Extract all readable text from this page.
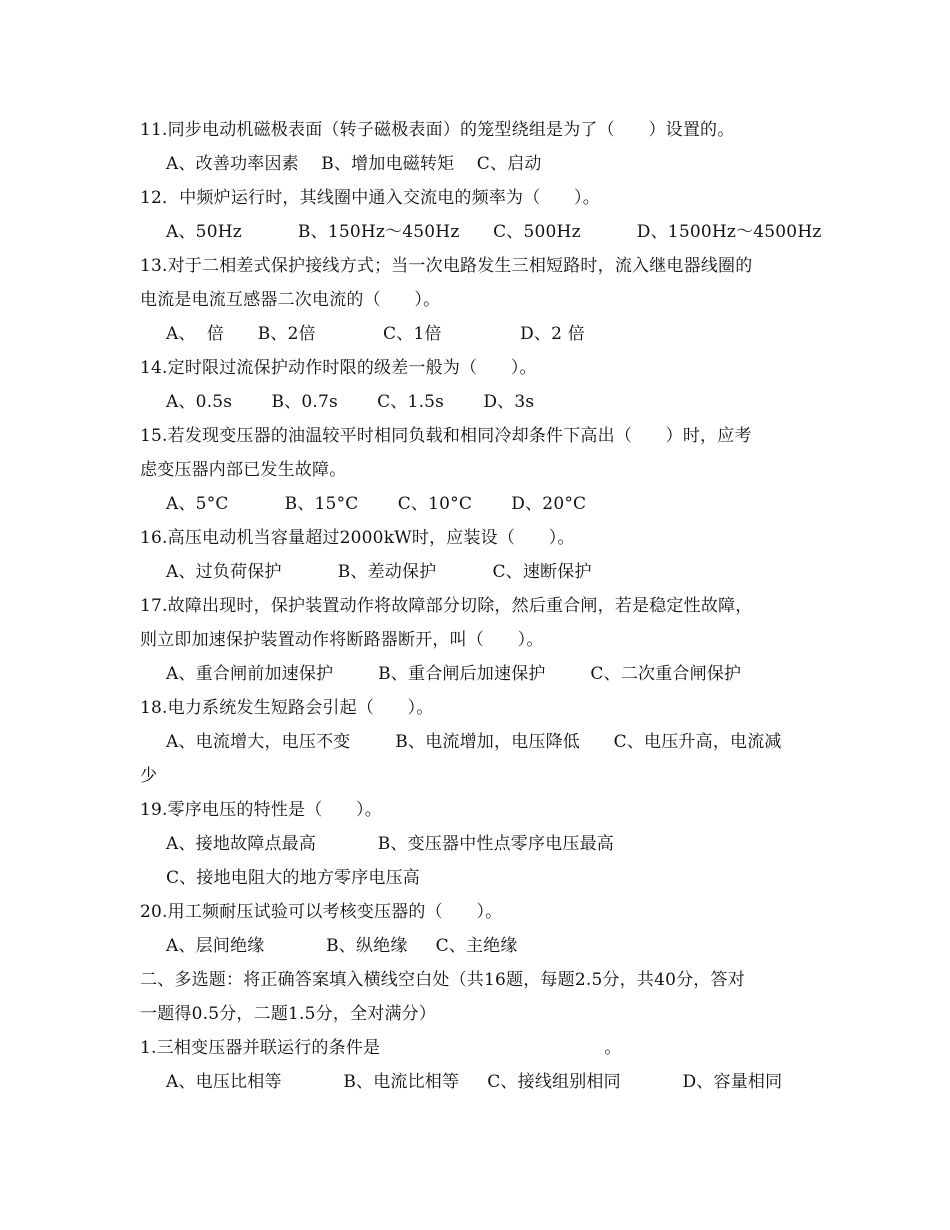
11.同步电动机磁极表面（转子磁极表面）的笼型绕组是为了（      ）设置的。
A、改善功率因素    B、增加电磁转矩    C、启动
12．中频炉运行时，其线圈中通入交流电的频率为（      ）。
A、50Hz          B、150Hz～450Hz      C、500Hz          D、1500Hz～4500Hz
13.对于二相差式保护接线方式；当一次电路发生三相短路时，流入继电器线圈的
电流是电流互感器二次电流的（      ）。
A、  倍      B、2倍            C、1倍              D、2 倍
14.定时限过流保护动作时限的级差一般为（      ）。
A、0.5s       B、0.7s       C、1.5s       D、3s
15.若发现变压器的油温较平时相同负载和相同冷却条件下高出（      ）时，应考
虑变压器内部已发生故障。
A、5°C          B、15°C       C、10°C       D、20°C
16.高压电动机当容量超过2000kW时，应装设（      ）。
A、过负荷保护          B、差动保护          C、速断保护
17.故障出现时，保护装置动作将故障部分切除，然后重合闸，若是稳定性故障，
则立即加速保护装置动作将断路器断开，叫（      ）。
A、重合闸前加速保护        B、重合闸后加速保护        C、二次重合闸保护
18.电力系统发生短路会引起（      ）。
A、电流增大，电压不变        B、电流增加，电压降低      C、电压升高，电流减
少
19.零序电压的特性是（      ）。
A、接地故障点最高           B、变压器中性点零序电压最高
C、接地电阻大的地方零序电压高
20.用工频耐压试验可以考核变压器的（      ）。
A、层间绝缘           B、纵绝缘     C、主绝缘
二、多选题：将正确答案填入横线空白处（共16题，每题2.5分，共40分，答对
一题得0.5分，二题1.5分，全对满分）
1.三相变压器并联运行的条件是                                        。
A、电压比相等           B、电流比相等     C、接线组别相同           D、容量相同
